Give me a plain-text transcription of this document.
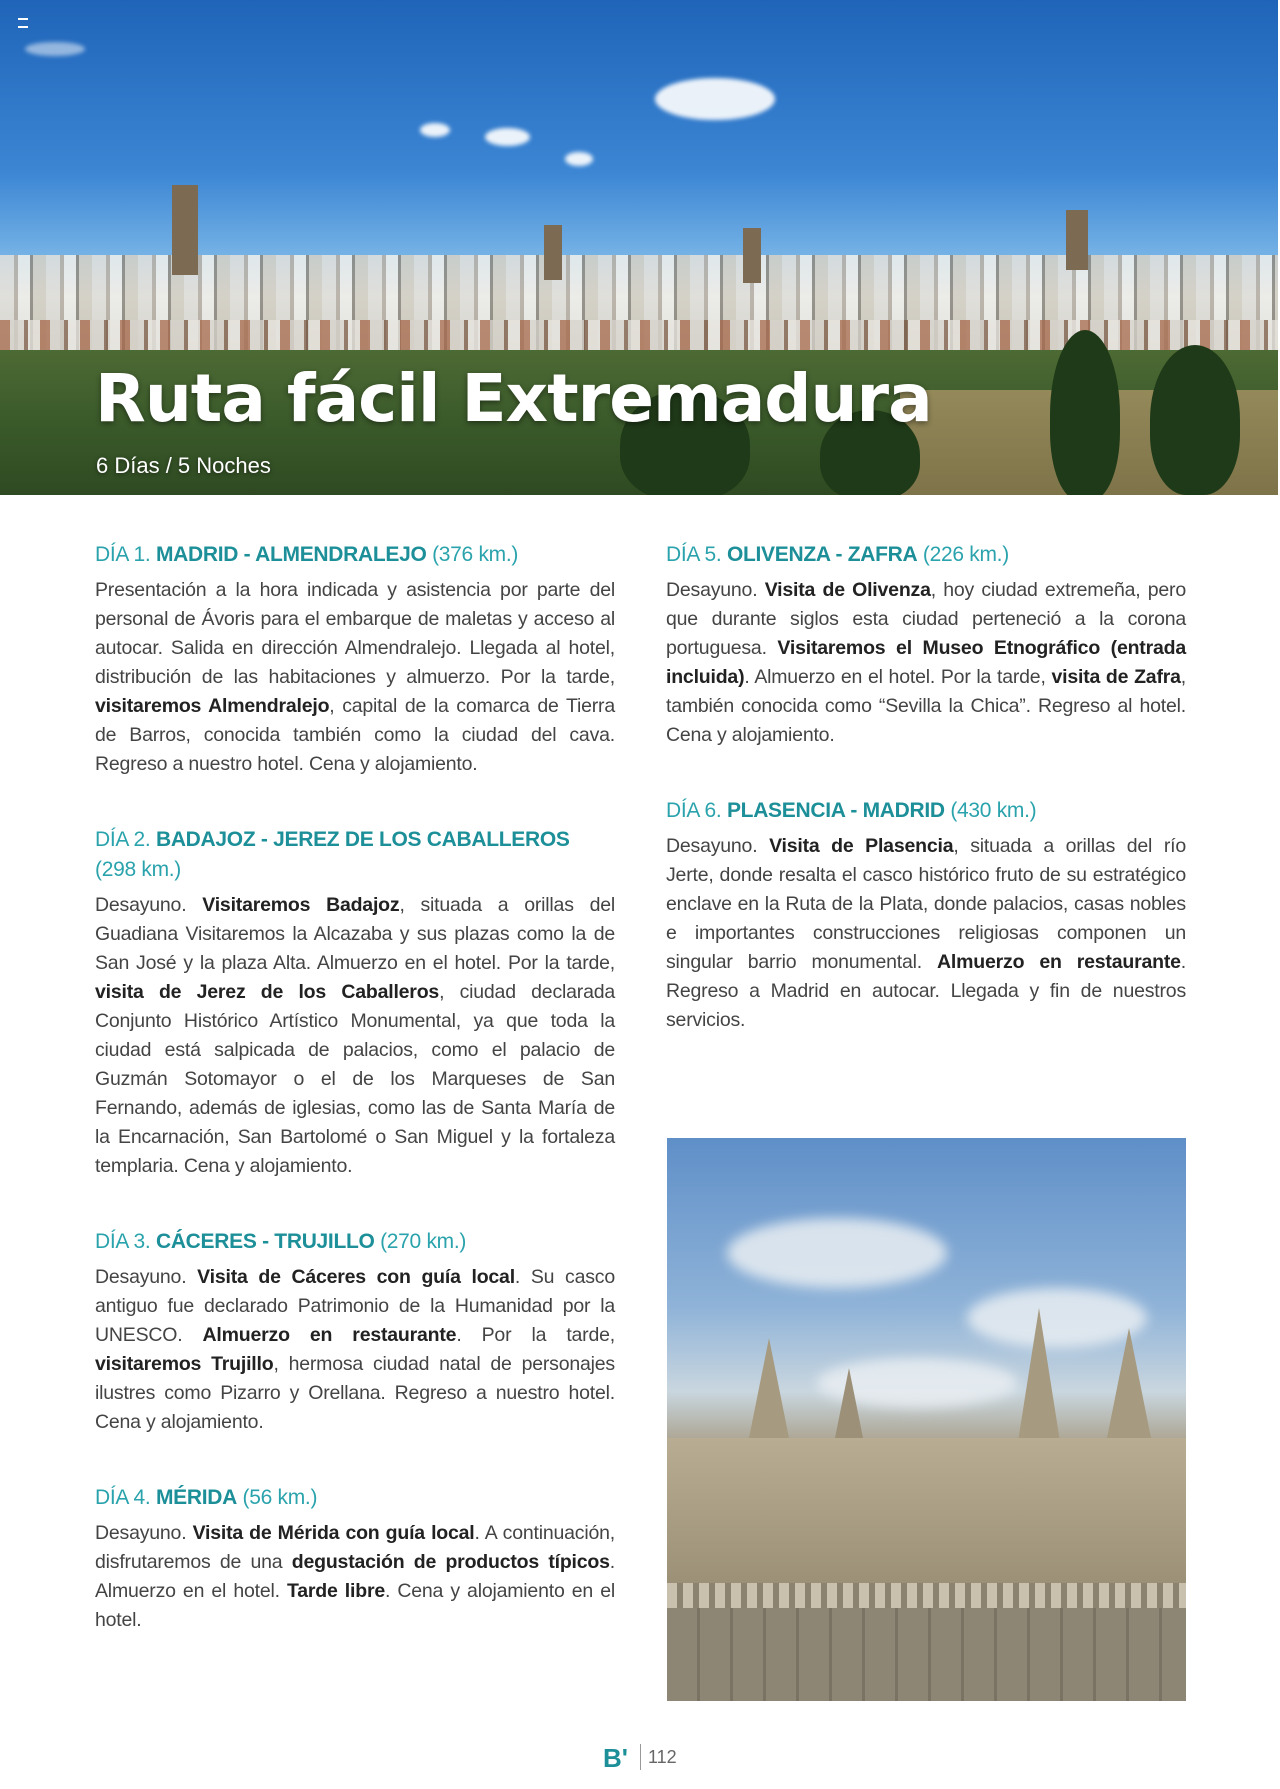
Ruta fácil Extremadura
6 Días / 5 Noches
DÍA 1. MADRID - ALMENDRALEJO (376 km.)

Presentación a la hora indicada y asistencia por parte del personal de Ávoris para el embarque de maletas y acceso al autocar. Salida en dirección Almendralejo. Llegada al hotel, distribución de las habitaciones y almuerzo. Por la tarde, visitaremos Almendralejo, capital de la comarca de Tierra de Barros, conocida también como la ciudad del cava. Regreso a nuestro hotel. Cena y alojamiento.

DÍA 2. BADAJOZ - JEREZ DE LOS CABALLEROS (298 km.)

Desayuno. Visitaremos Badajoz, situada a orillas del Guadiana Visitaremos la Alcazaba y sus plazas como la de San José y la plaza Alta. Almuerzo en el hotel. Por la tarde, visita de Jerez de los Caballeros, ciudad declarada Conjunto Histórico Artístico Monumental, ya que toda la ciudad está salpicada de palacios, como el palacio de Guzmán Sotomayor o el de los Marqueses de San Fernando, además de iglesias, como las de Santa María de la Encarnación, San Bartolomé o San Miguel y la fortaleza templaria. Cena y alojamiento.

DÍA 3. CÁCERES - TRUJILLO (270 km.)

Desayuno. Visita de Cáceres con guía local. Su casco antiguo fue declarado Patrimonio de la Humanidad por la UNESCO. Almuerzo en restaurante. Por la tarde, visitaremos Trujillo, hermosa ciudad natal de personajes ilustres como Pizarro y Orellana. Regreso a nuestro hotel. Cena y alojamiento.

DÍA 4. MÉRIDA (56 km.)

Desayuno. Visita de Mérida con guía local. A continuación, disfrutaremos de una degustación de productos típicos. Almuerzo en el hotel. Tarde libre. Cena y alojamiento en el hotel.

DÍA 5. OLIVENZA - ZAFRA (226 km.)

Desayuno. Visita de Olivenza, hoy ciudad extremeña, pero que durante siglos esta ciudad perteneció a la corona portuguesa. Visitaremos el Museo Etnográfico (entrada incluida). Almuerzo en el hotel. Por la tarde, visita de Zafra, también conocida como “Sevilla la Chica”. Regreso al hotel. Cena y alojamiento.

DÍA 6. PLASENCIA - MADRID (430 km.)

Desayuno. Visita de Plasencia, situada a orillas del río Jerte, donde resalta el casco histórico fruto de su estratégico enclave en la Ruta de la Plata, donde palacios, casas nobles e importantes construcciones religiosas componen un singular barrio monumental. Almuerzo en restaurante. Regreso a Madrid en autocar. Llegada y fin de nuestros servicios.

B' 112
